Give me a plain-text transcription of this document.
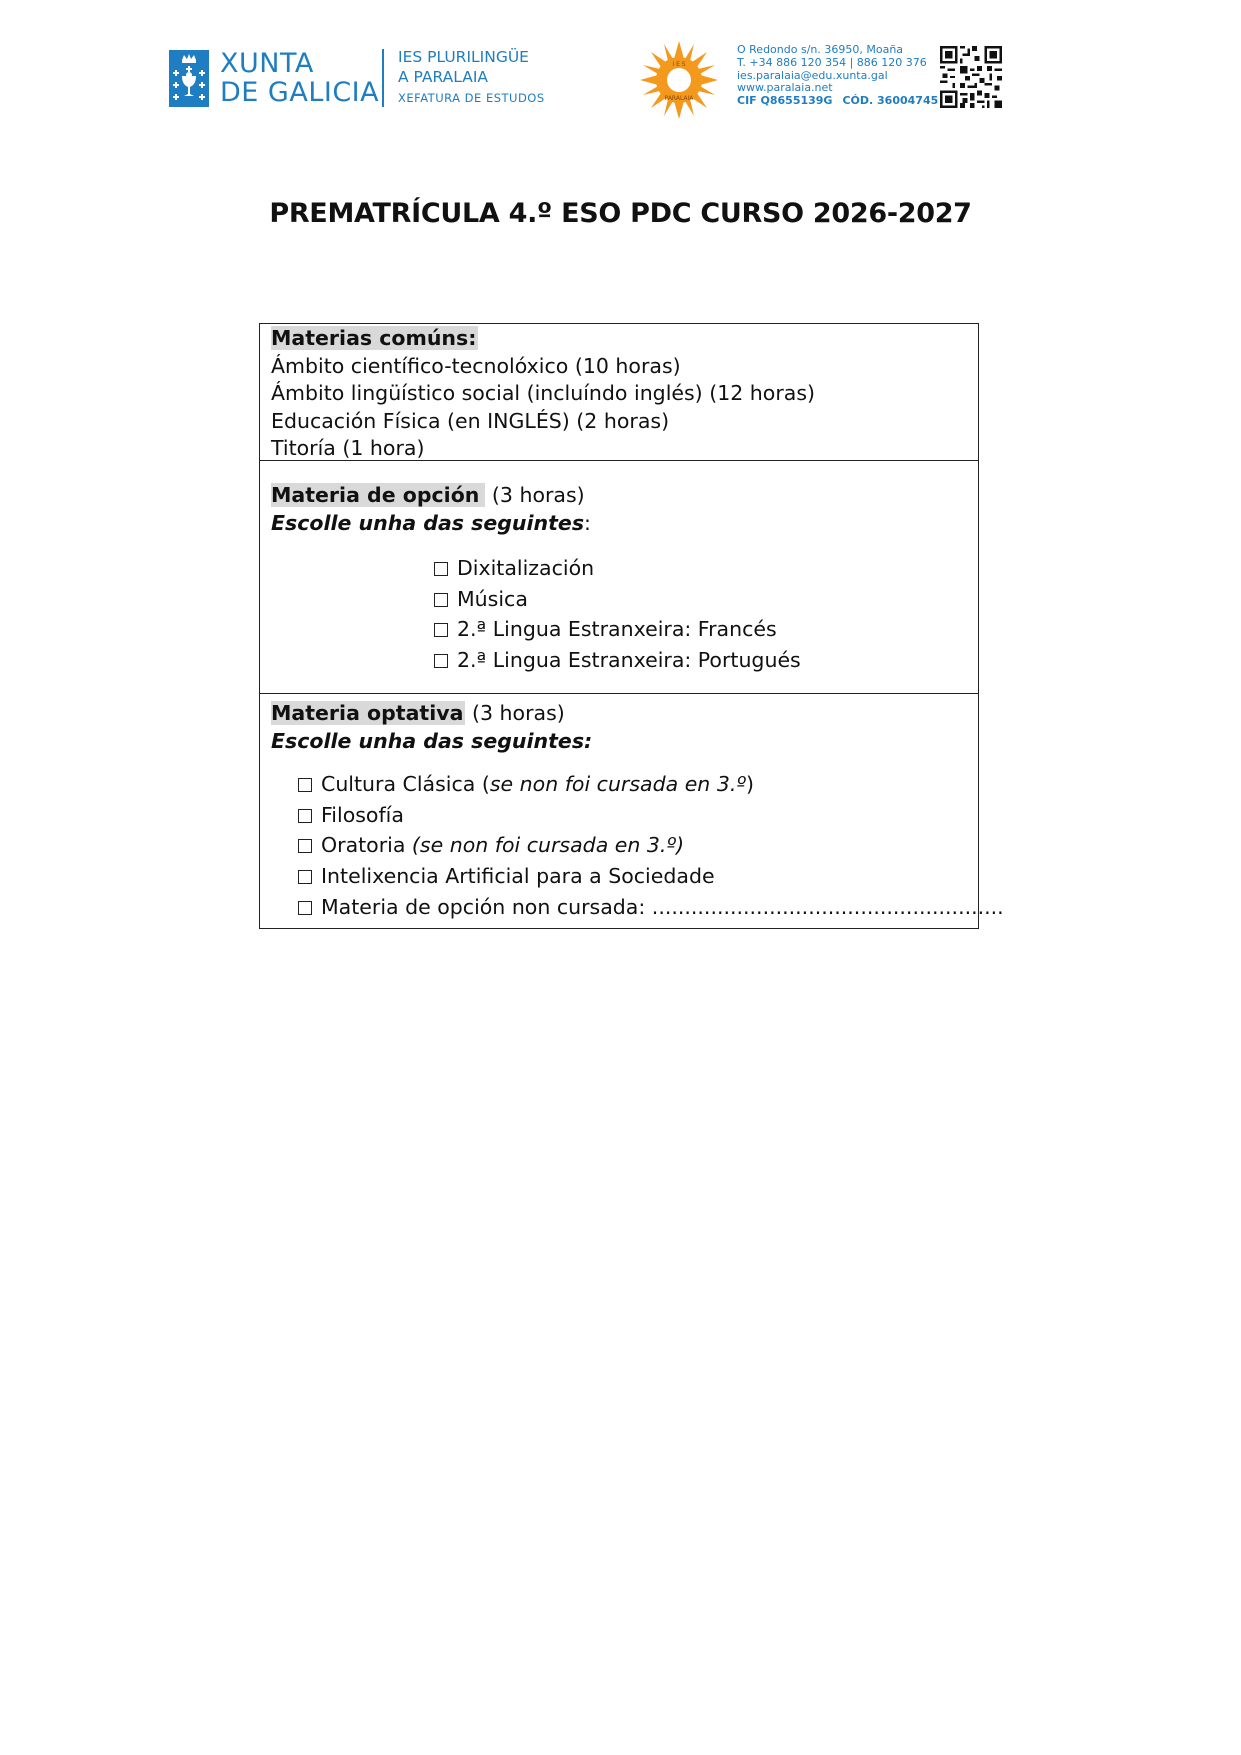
XUNTA
DE GALICIA
IES PLURILINGÜE
A PARALAIA
XEFATURA DE ESTUDOS
I E S
PARALAIA
O Redondo s/n. 36950, Moaña
T. +34 886 120 354 | 886 120 376
ies.paralaia@edu.xunta.gal
www.paralaia.net
CIF Q8655139G CÓD. 36004745
PREMATRÍCULA 4.º ESO PDC CURSO 2026-2027
Materias comúns:
Ámbito científico-tecnolóxico (10 horas)
Ámbito lingüístico social (incluíndo inglés) (12 horas)
Educación Física (en INGLÉS) (2 horas)
Titoría (1 hora)
Materia de opción (3 horas)
Escolle unha das seguintes:
Dixitalización
Música
2.ª Lingua Estranxeira: Francés
2.ª Lingua Estranxeira: Portugués
Materia optativa (3 horas)
Escolle unha das seguintes:
Cultura Clásica (se non foi cursada en 3.º)
Filosofía
Oratoria (se non foi cursada en 3.º)
Intelixencia Artificial para a Sociedade
Materia de opción non cursada: ......................................................
